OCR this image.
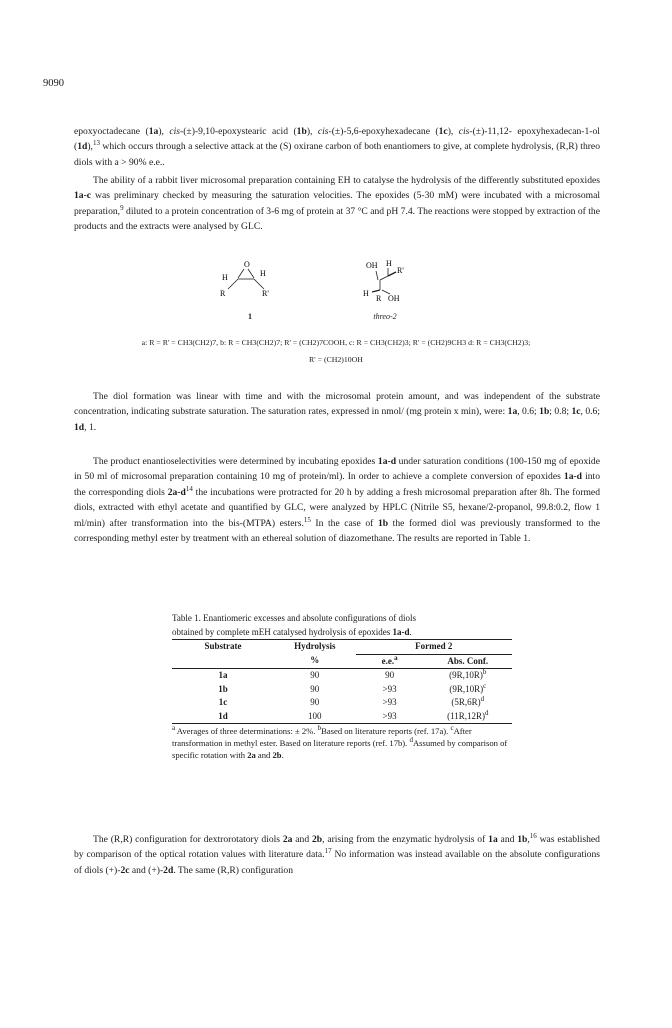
9090

epoxyoctadecane (1a), cis-(±)-9,10-epoxystearic acid (1b), cis-(±)-5,6-epoxyhexadecane (1c), cis-(±)-11,12- epoxyhexadecan-1-ol (1d),$^{13}$ which occurs through a selective attack at the (S) oxirane carbon of both enantiomers to give, at complete hydrolysis, (R,R) threo diols with a > 90% e.e..

The ability of a rabbit liver microsomal preparation containing EH to catalyse the hydrolysis of the differently substituted epoxides 1a-c was preliminary checked by measuring the saturation velocities. The epoxides (5-30 mM) were incubated with a microsomal preparation,$^9$ diluted to a protein concentration of 3-6 mg of protein at 37 °C and pH 7.4. The reactions were stopped by extraction of the products and the extracts were analysed by GLC.

O
H	H
R	R'
OH H
R'
H
R OH
1	threo-2
a: R = R' = CH3(CH2)7, b: R = CH3(CH2)7; R' = (CH2)7COOH, c: R = CH3(CH2)3; R' = (CH2)9CH3 d: R = CH3(CH2)3;
R' = (CH2)10OH

The diol formation was linear with time and with the microsomal protein amount, and was independent of the substrate concentration, indicating substrate saturation. The saturation rates, expressed in nmol/ (mg protein x min), were: 1a, 0.6; 1b; 0.8; 1c, 0.6; 1d, 1.

The product enantioselectivities were determined by incubating epoxides 1a-d under saturation conditions (100-150 mg of epoxide in 50 ml of microsomal preparation containing 10 mg of protein/ml). In order to achieve a complete conversion of epoxides 1a-d into the corresponding diols $2a-d^{14}$ the incubations were protracted for 20 h by adding a fresh microsomal preparation after 8h. The formed diols, extracted with ethyl acetate and quantified by GLC, were analyzed by HPLC (Nitrile S5, hexane/2-propanol, 99.8:0.2, flow 1 ml/min) after transformation into the bis-(MTPA) esters.$^{15}$ In the case of 1b the formed diol was previously transformed to the corresponding methyl ester by treatment with an ethereal solution of diazomethane. The results are reported in Table 1.

Table 1. Enantiomeric excesses and absolute configurations of diols
obtained by complete mEH catalysed hydrolysis of epoxides 1a-d.
Substrate	Hydrolysis	Formed 2	
	%	e.e.$^a$	Abs. Conf.
1a	90	90	$(9R,10R)^b$
1b	90	>93	$(9R,10R)^c$
1c	90	>93	$(5R,6R)^d$
1d	100	>93	$(11R,12R)^d$
$^a$ Averages of three determinations: ± 2%. $^b$Based on literature reports (ref. 17a). $^c$After transformation in methyl ester. Based on literature reports (ref. 17b). $^d$Assumed by comparison of specific rotation with 2a and 2b.

The (R,R) configuration for dextrorotatory diols 2a and 2b, arising from the enzymatic hydrolysis of 1a and 1b,$^{16}$ was established by comparison of the optical rotation values with literature data.$^{17}$ No information was instead available on the absolute configurations of diols (+)-2c and (+)-2d. The same (R,R) configuration
